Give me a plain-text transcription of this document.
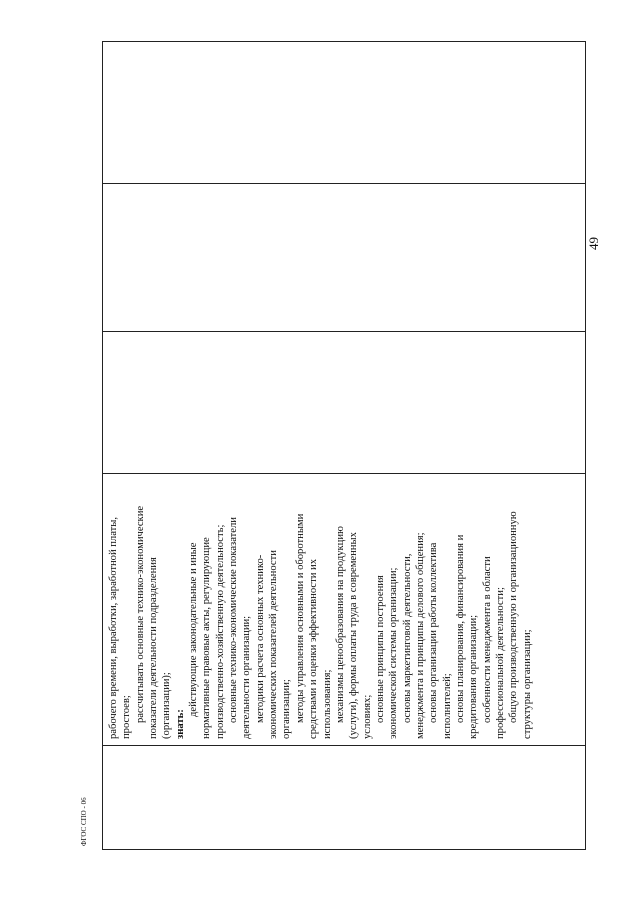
49

рабочего времени, выработки, заработной платы, простоев; рассчитывать основные технико-экономические показатели деятельности подразделения (организации); знать:
действующие законодательные и иные нормативные правовые акты, регулирующие производственно-хозяйственную деятельность; основные технико-экономические показатели деятельности организации; методики расчета основных технико- экономических показателей деятельности организации; методы управления основными и оборотными средствами и оценки эффективности их использования; механизмы ценообразования на продукцию (услуги), формы оплаты труда в современных условиях; основные принципы построения экономической системы организации; основы маркетинговой деятельности, менеджмента и принципы делового общения; основы организации работы коллектива исполнителей; основы планирования, финансирования и кредитования организации; особенности менеджмента в области профессиональной деятельности; общую производственную и организационную структуры организации;

ФГОС СПО - 06
